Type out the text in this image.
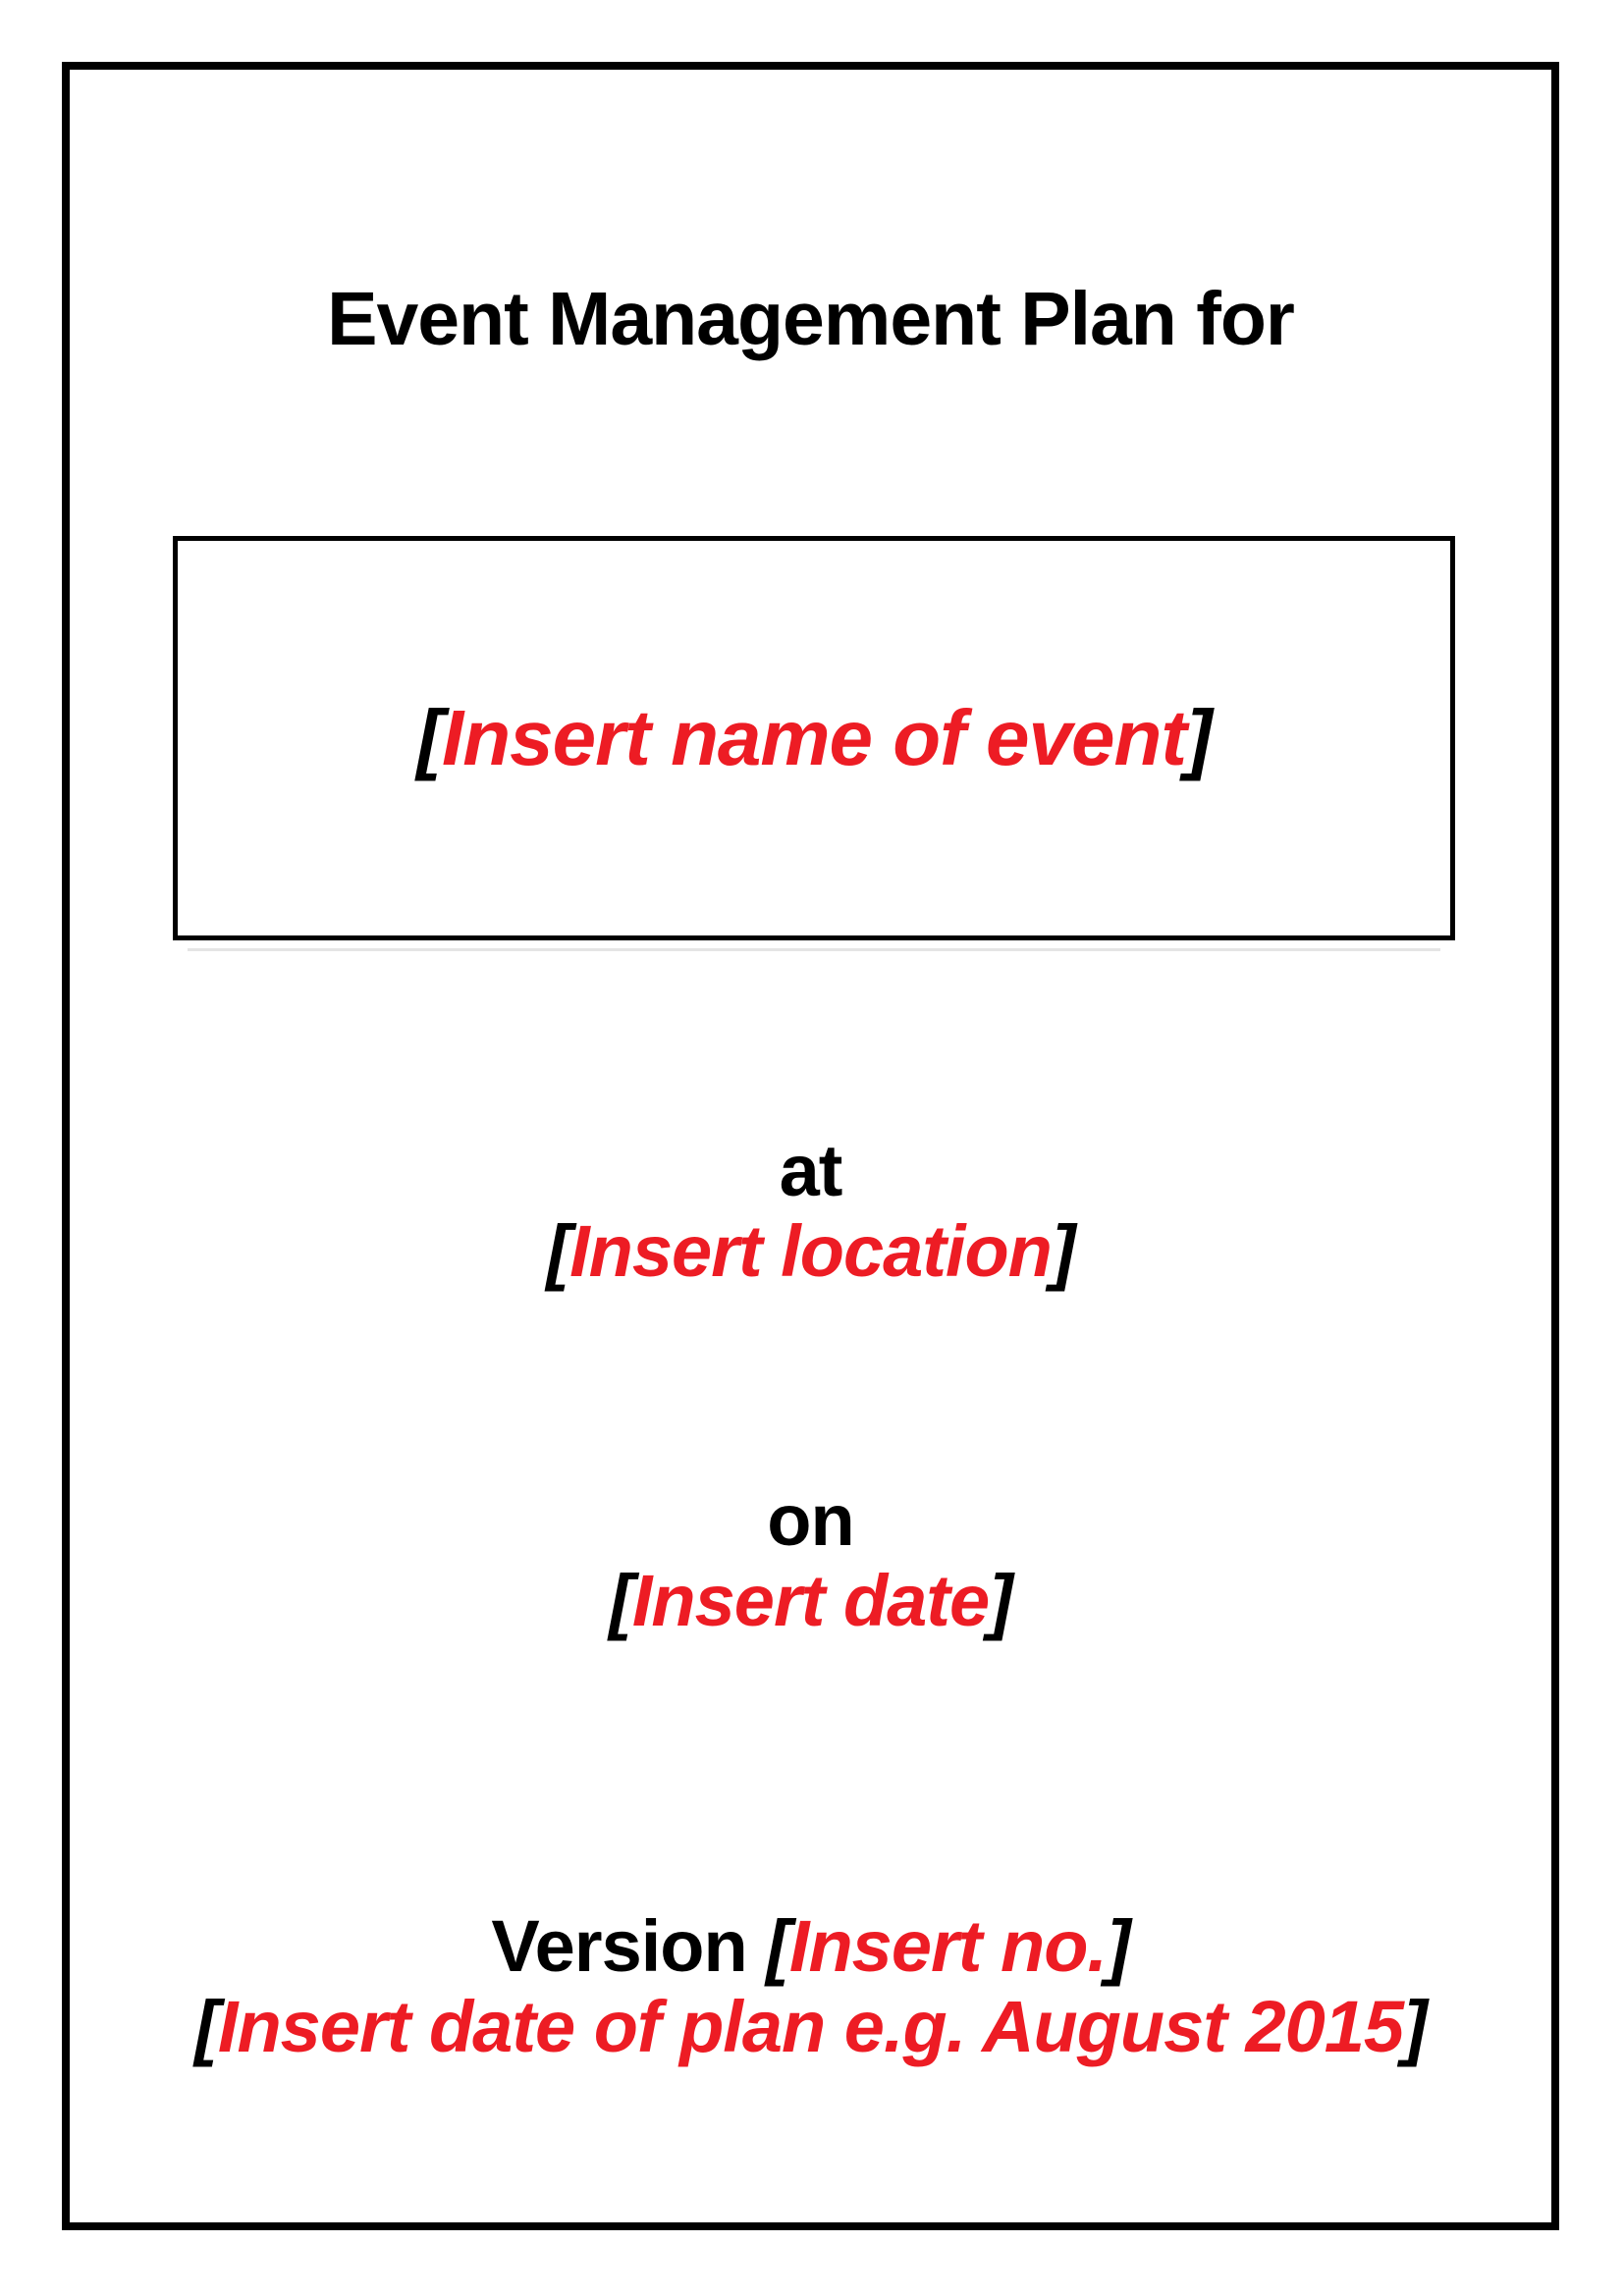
Event Management Plan for
[Insert name of event]
at
[Insert location]
on
[Insert date]
Version [Insert no.]
[Insert date of plan e.g. August 2015]
